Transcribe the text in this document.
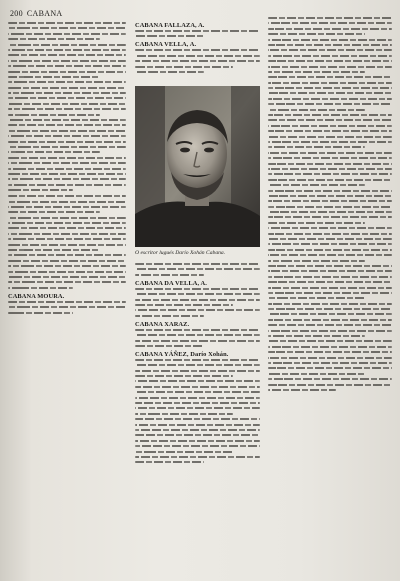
200 CABANA
CABANA MOURA.
CABANA FALLAZA, A.
CABANA VELLA, A.
O escritor lugués Darío Xohán Cabana.
CABANA DA VELLA, A.
CABANA XARAZ.
CABANA YÁÑEZ, Darío Xohán.
